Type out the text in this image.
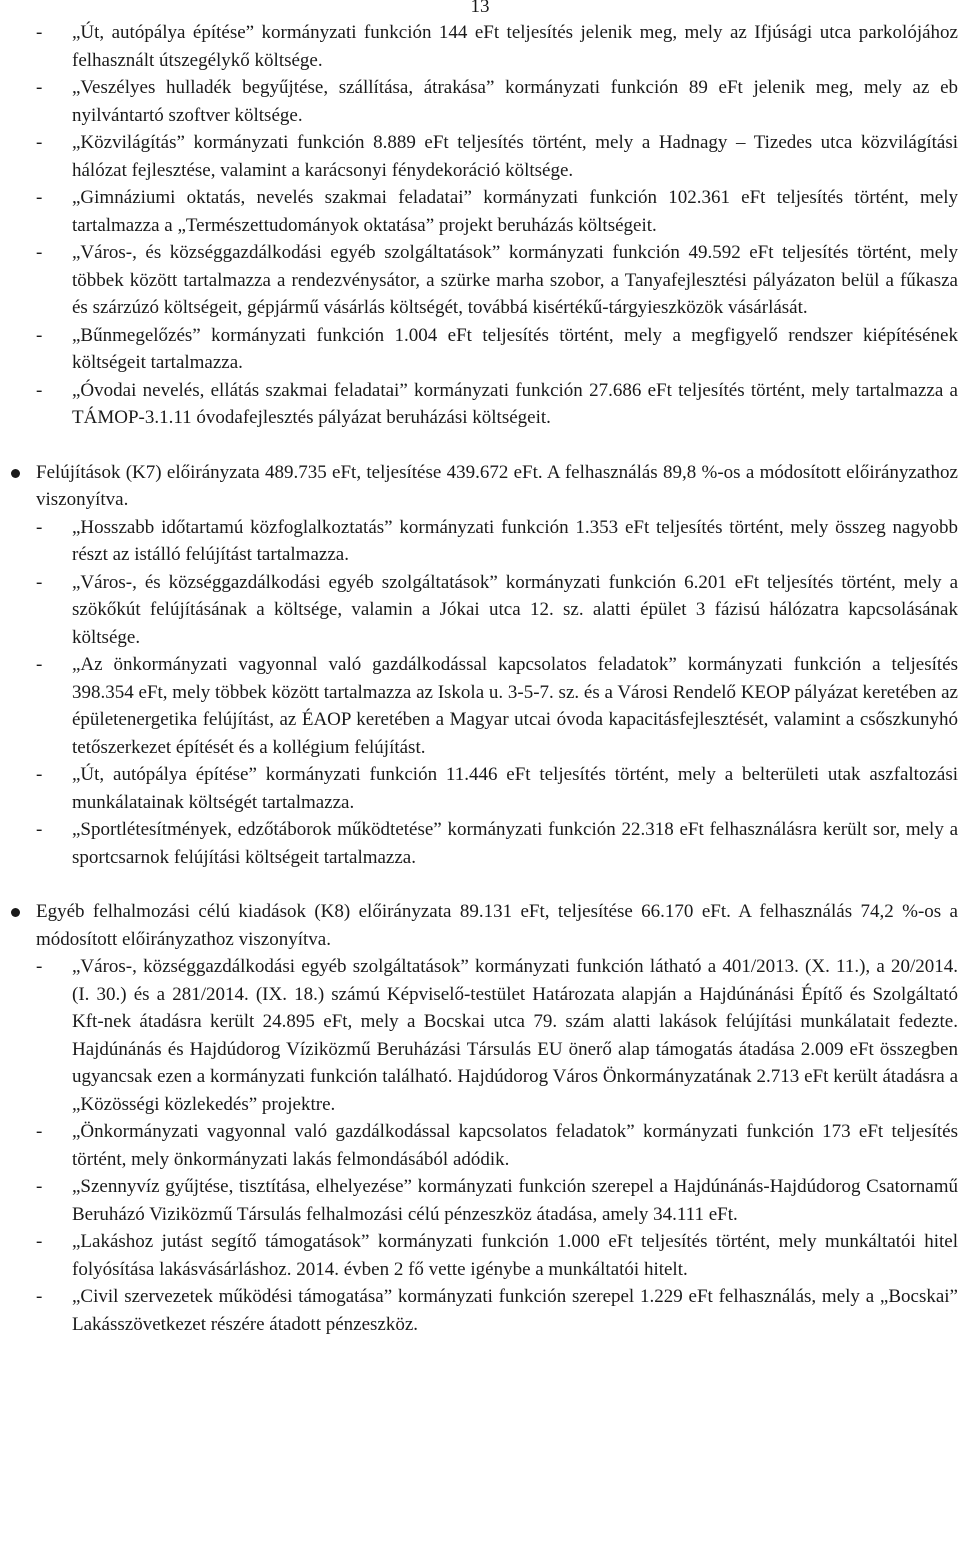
13
- „Út, autópálya építése” kormányzati funkción 144 eFt teljesítés jelenik meg, mely az Ifjúsági utca parkolójához felhasznált útszegélykő költsége.
- „Veszélyes hulladék begyűjtése, szállítása, átrakása” kormányzati funkción 89 eFt jelenik meg, mely az eb nyilvántartó szoftver költsége.
- „Közvilágítás” kormányzati funkción 8.889 eFt teljesítés történt, mely a Hadnagy – Tizedes utca közvilágítási hálózat fejlesztése, valamint a karácsonyi fénydekoráció költsége.
- „Gimnáziumi oktatás, nevelés szakmai feladatai” kormányzati funkción 102.361 eFt teljesítés történt, mely tartalmazza a „Természettudományok oktatása” projekt beruházás költségeit.
- „Város-, és községgazdálkodási egyéb szolgáltatások” kormányzati funkción 49.592 eFt teljesítés történt, mely többek között tartalmazza a rendezvénysátor, a szürke marha szobor, a Tanyafejlesztési pályázaton belül a fűkasza és szárzúzó költségeit, gépjármű vásárlás költségét, továbbá kisértékű-tárgyieszközök vásárlását.
- „Bűnmegelőzés” kormányzati funkción 1.004 eFt teljesítés történt, mely a megfigyelő rendszer kiépítésének költségeit tartalmazza.
- „Óvodai nevelés, ellátás szakmai feladatai” kormányzati funkción 27.686 eFt teljesítés történt, mely tartalmazza a TÁMOP-3.1.11 óvodafejlesztés pályázat beruházási költségeit.
Felújítások (K7) előirányzata 489.735 eFt, teljesítése 439.672 eFt. A felhasználás 89,8 %-os a módosított előirányzathoz viszonyítva.
- „Hosszabb időtartamú közfoglalkoztatás” kormányzati funkción 1.353 eFt teljesítés történt, mely összeg nagyobb részt az istálló felújítást tartalmazza.
- „Város-, és községgazdálkodási egyéb szolgáltatások” kormányzati funkción 6.201 eFt teljesítés történt, mely a szökőkút felújításának a költsége, valamin a Jókai utca 12. sz. alatti épület 3 fázisú hálózatra kapcsolásának költsége.
- „Az önkormányzati vagyonnal való gazdálkodással kapcsolatos feladatok” kormányzati funkción a teljesítés 398.354 eFt, mely többek között tartalmazza az Iskola u. 3-5-7. sz. és a Városi Rendelő KEOP pályázat keretében az épületenergetika felújítást, az ÉAOP keretében a Magyar utcai óvoda kapacitásfejlesztését, valamint a csőszkunyhó tetőszerkezet építését és a kollégium felújítást.
- „Út, autópálya építése” kormányzati funkción 11.446 eFt teljesítés történt, mely a belterületi utak aszfaltozási munkálatainak költségét tartalmazza.
- „Sportlétesítmények, edzőtáborok működtetése” kormányzati funkción 22.318 eFt felhasználásra került sor, mely a sportcsarnok felújítási költségeit tartalmazza.
Egyéb felhalmozási célú kiadások (K8) előirányzata 89.131 eFt, teljesítése 66.170 eFt. A felhasználás 74,2 %-os a módosított előirányzathoz viszonyítva.
- „Város-, községgazdálkodási egyéb szolgáltatások” kormányzati funkción látható a 401/2013. (X. 11.), a 20/2014. (I. 30.) és a 281/2014. (IX. 18.) számú Képviselő-testület Határozata alapján a Hajdúnánási Építő és Szolgáltató Kft-nek átadásra került 24.895 eFt, mely a Bocskai utca 79. szám alatti lakások felújítási munkálatait fedezte. Hajdúnánás és Hajdúdorog Víziközmű Beruházási Társulás EU önerő alap támogatás átadása 2.009 eFt összegben ugyancsak ezen a kormányzati funkción található. Hajdúdorog Város Önkormányzatának 2.713 eFt került átadásra a „Közösségi közlekedés” projektre.
- „Önkormányzati vagyonnal való gazdálkodással kapcsolatos feladatok” kormányzati funkción 173 eFt teljesítés történt, mely önkormányzati lakás felmondásából adódik.
- „Szennyvíz gyűjtése, tisztítása, elhelyezése” kormányzati funkción szerepel a Hajdúnánás-Hajdúdorog Csatornamű Beruházó Viziközmű Társulás felhalmozási célú pénzeszköz átadása, amely 34.111 eFt.
- „Lakáshoz jutást segítő támogatások” kormányzati funkción 1.000 eFt teljesítés történt, mely munkáltatói hitel folyósítása lakásvásárláshoz. 2014. évben 2 fő vette igénybe a munkáltatói hitelt.
- „Civil szervezetek működési támogatása” kormányzati funkción szerepel 1.229 eFt felhasználás, mely a „Bocskai” Lakásszövetkezet részére átadott pénzeszköz.
